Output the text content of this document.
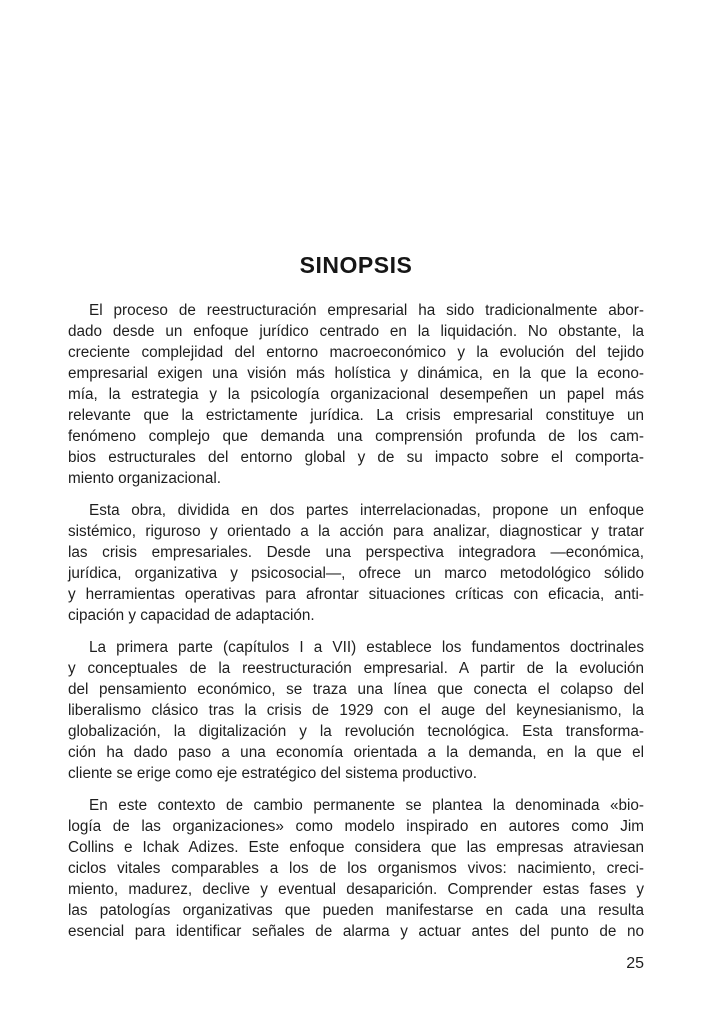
SINOPSIS
El proceso de reestructuración empresarial ha sido tradicionalmente abor-
dado desde un enfoque jurídico centrado en la liquidación. No obstante, la
creciente complejidad del entorno macroeconómico y la evolución del tejido
empresarial exigen una visión más holística y dinámica, en la que la econo-
mía, la estrategia y la psicología organizacional desempeñen un papel más
relevante que la estrictamente jurídica. La crisis empresarial constituye un
fenómeno complejo que demanda una comprensión profunda de los cam-
bios estructurales del entorno global y de su impacto sobre el comporta-
miento organizacional.
Esta obra, dividida en dos partes interrelacionadas, propone un enfoque
sistémico, riguroso y orientado a la acción para analizar, diagnosticar y tratar
las crisis empresariales. Desde una perspectiva integradora —económica,
jurídica, organizativa y psicosocial—, ofrece un marco metodológico sólido
y herramientas operativas para afrontar situaciones críticas con eficacia, anti-
cipación y capacidad de adaptación.
La primera parte (capítulos I a VII) establece los fundamentos doctrinales
y conceptuales de la reestructuración empresarial. A partir de la evolución
del pensamiento económico, se traza una línea que conecta el colapso del
liberalismo clásico tras la crisis de 1929 con el auge del keynesianismo, la
globalización, la digitalización y la revolución tecnológica. Esta transforma-
ción ha dado paso a una economía orientada a la demanda, en la que el
cliente se erige como eje estratégico del sistema productivo.
En este contexto de cambio permanente se plantea la denominada «bio-
logía de las organizaciones» como modelo inspirado en autores como Jim
Collins e Ichak Adizes. Este enfoque considera que las empresas atraviesan
ciclos vitales comparables a los de los organismos vivos: nacimiento, creci-
miento, madurez, declive y eventual desaparición. Comprender estas fases y
las patologías organizativas que pueden manifestarse en cada una resulta
esencial para identificar señales de alarma y actuar antes del punto de no
25
